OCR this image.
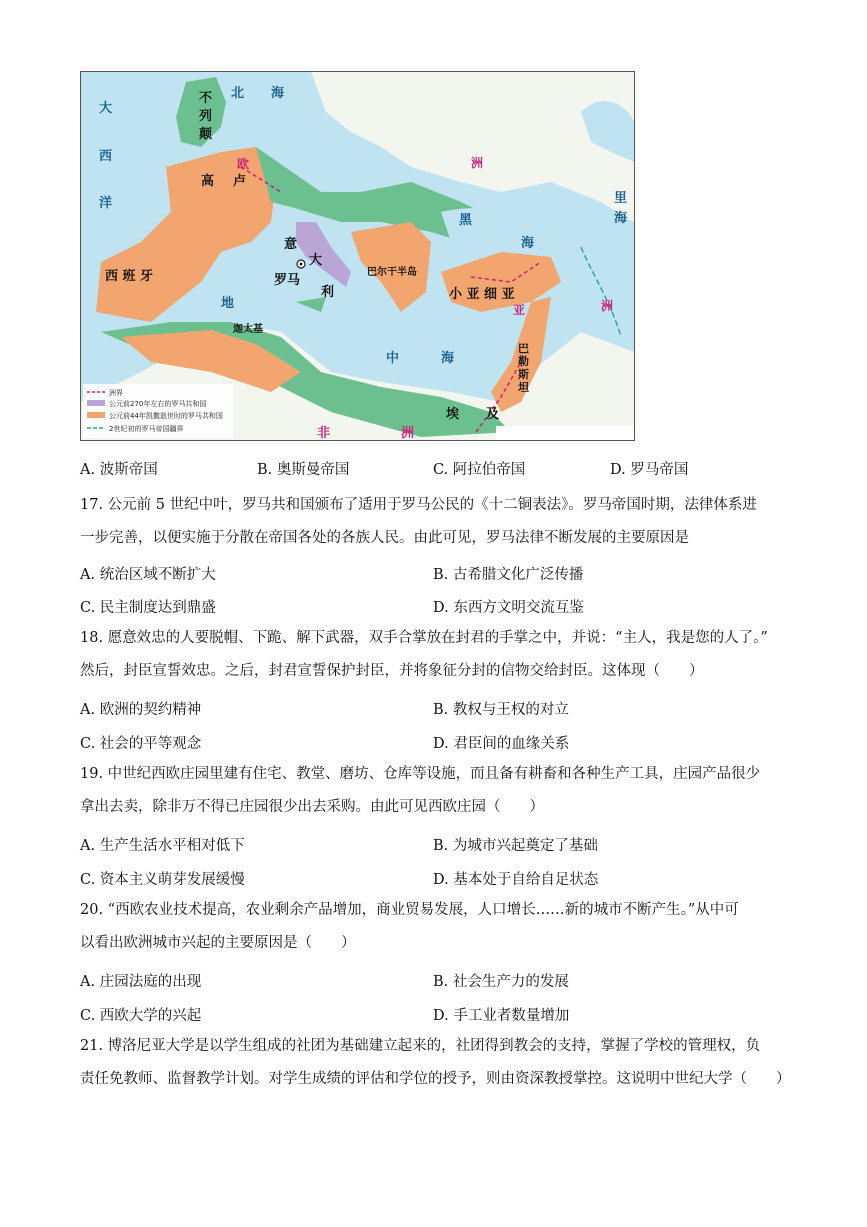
大
西
洋
北 海
中	海
地
黑
海
里
海
不
列
颠
高 卢
西 班 牙
意
大
利
罗马
小 亚 细 亚
巴
勒
斯
坦
埃 及
巴尔干半岛
迦太基
欧	洲
亚	洲
非	洲
洲界
公元前270年左右的罗马共和国
公元前44年凯撒逝世时的罗马共和国
2世纪初的罗马帝国疆界
A. 波斯帝国	B. 奥斯曼帝国	C. 阿拉伯帝国	D. 罗马帝国

17. 公元前 5 世纪中叶，罗马共和国颁布了适用于罗马公民的《十二铜表法》。罗马帝国时期，法律体系进

一步完善，以便实施于分散在帝国各处的各族人民。由此可见，罗马法律不断发展的主要原因是

A. 统治区域不断扩大	B. 古希腊文化广泛传播
C. 民主制度达到鼎盛	D. 东西方文明交流互鉴

18. 愿意效忠的人要脱帽、下跪、解下武器，双手合掌放在封君的手掌之中，并说：“主人，我是您的人了。”

然后，封臣宣誓效忠。之后，封君宣誓保护封臣，并将象征分封的信物交给封臣。这体现（　　）

A. 欧洲的契约精神	B. 教权与王权的对立
C. 社会的平等观念	D. 君臣间的血缘关系

19. 中世纪西欧庄园里建有住宅、教堂、磨坊、仓库等设施，而且备有耕畜和各种生产工具，庄园产品很少

拿出去卖，除非万不得已庄园很少出去采购。由此可见西欧庄园（　　）

A. 生产生活水平相对低下	B. 为城市兴起奠定了基础
C. 资本主义萌芽发展缓慢	D. 基本处于自给自足状态

20. “西欧农业技术提高，农业剩余产品增加，商业贸易发展，人口增长……新的城市不断产生。”从中可

以看出欧洲城市兴起的主要原因是（　　）

A. 庄园法庭的出现	B. 社会生产力的发展
C. 西欧大学的兴起	D. 手工业者数量增加

21. 博洛尼亚大学是以学生组成的社团为基础建立起来的，社团得到教会的支持，掌握了学校的管理权，负

责任免教师、监督教学计划。对学生成绩的评估和学位的授予，则由资深教授掌控。这说明中世纪大学（　　）
